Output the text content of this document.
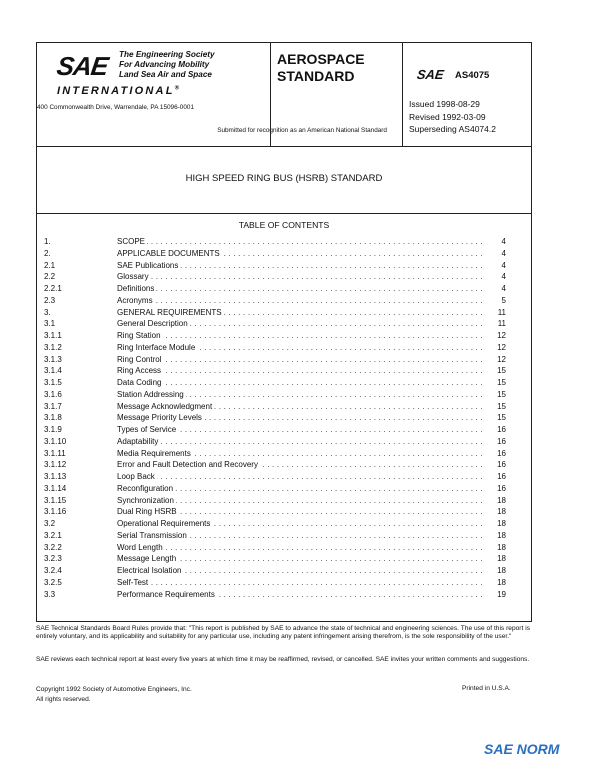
SAE The Engineering Society
For Advancing Mobility
Land Sea Air and Space
INTERNATIONAL®
400 Commonwealth Drive, Warrendale, PA 15096-0001
Submitted for recognition as an American National Standard
AEROSPACE
STANDARD	SAE AS4075
Issued 1998-08-29
Revised 1992-03-09
Superseding AS4074.2
HIGH SPEED RING BUS (HSRB) STANDARD
TABLE OF CONTENTS
1.	SCOPE . . .	4
2.	APPLICABLE DOCUMENTS . . .	4
2.1	SAE Publications . . .	4
2.2	Glossary . . .	4
2.2.1	Definitions . . .	4
2.3	Acronyms . . .	5
3.	GENERAL REQUIREMENTS . . .	11
3.1	General Description . . .	11
3.1.1	Ring Station . . .	12
3.1.2	Ring Interface Module . . .	12
3.1.3	Ring Control . . .	12
3.1.4	Ring Access . . .	15
3.1.5	Data Coding . . .	15
3.1.6	Station Addressing . . .	15
3.1.7	Message Acknowledgment . . .	15
3.1.8	Message Priority Levels . . .	15
3.1.9	Types of Service . . .	16
3.1.10	Adaptability . . .	16
3.1.11	Media Requirements . . .	16
3.1.12	Error and Fault Detection and Recovery . . .	16
3.1.13	Loop Back . . .	16
3.1.14	Reconfiguration . . .	16
3.1.15	Synchronization . . .	18
3.1.16	Dual Ring HSRB . . .	18
3.2	Operational Requirements . . .	18
3.2.1	Serial Transmission . . .	18
3.2.2	Word Length . . .	18
3.2.3	Message Length . . .	18
3.2.4	Electrical Isolation . . .	18
3.2.5	Self-Test . . .	18
3.3	Performance Requirements . . .	19
SAE Technical Standards Board Rules provide that: "This report is published by SAE to advance the state of technical and engineering sciences. The use of this report is entirely voluntary, and its applicability and suitability for any particular use, including any patent infringement arising therefrom, is the sole responsibility of the user."
SAE reviews each technical report at least every five years at which time it may be reaffirmed, revised, or cancelled. SAE invites your written comments and suggestions.
Copyright 1992 Society of Automotive Engineers, Inc.
All rights reserved.
Printed in U.S.A.
SAE NORM
